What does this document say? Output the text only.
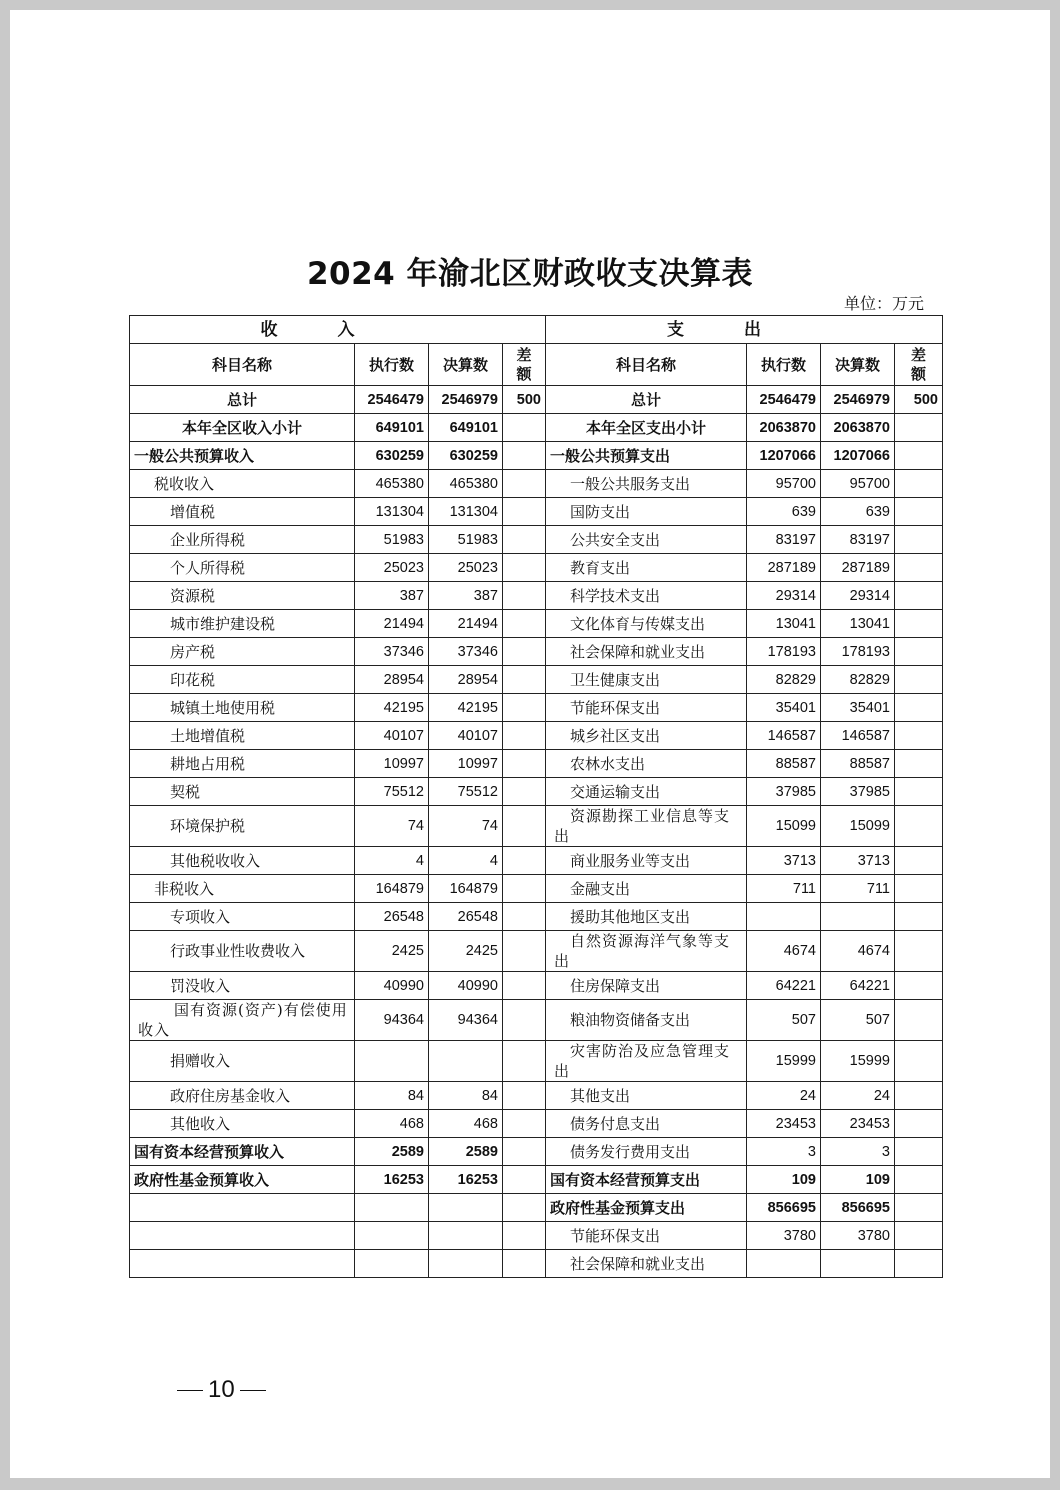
2024 年渝北区财政收支决算表
单位：万元
收入				支出			
科目名称	执行数	决算数	差额	科目名称	执行数	决算数	差额
总计	2546479	2546979	500	总计	2546479	2546979	500
本年全区收入小计	649101	649101		本年全区支出小计	2063870	2063870	
一般公共预算收入	630259	630259		一般公共预算支出	1207066	1207066	
税收收入	465380	465380		一般公共服务支出	95700	95700	
增值税	131304	131304		国防支出	639	639	
企业所得税	51983	51983		公共安全支出	83197	83197	
个人所得税	25023	25023		教育支出	287189	287189	
资源税	387	387		科学技术支出	29314	29314	
城市维护建设税	21494	21494		文化体育与传媒支出	13041	13041	
房产税	37346	37346		社会保障和就业支出	178193	178193	
印花税	28954	28954		卫生健康支出	82829	82829	
城镇土地使用税	42195	42195		节能环保支出	35401	35401	
土地增值税	40107	40107		城乡社区支出	146587	146587	
耕地占用税	10997	10997		农林水支出	88587	88587	
契税	75512	75512		交通运输支出	37985	37985	
环境保护税	74	74		资源勘探工业信息等支出	15099	15099	
其他税收收入	4	4		商业服务业等支出	3713	3713	
非税收入	164879	164879		金融支出	711	711	
专项收入	26548	26548		援助其他地区支出			
行政事业性收费收入	2425	2425		自然资源海洋气象等支出	4674	4674	
罚没收入	40990	40990		住房保障支出	64221	64221	
国有资源(资产)有偿使用收入	94364	94364		粮油物资储备支出	507	507	
捐赠收入				灾害防治及应急管理支出	15999	15999	
政府住房基金收入	84	84		其他支出	24	24	
其他收入	468	468		债务付息支出	23453	23453	
国有资本经营预算收入	2589	2589		债务发行费用支出	3	3	
政府性基金预算收入	16253	16253		国有资本经营预算支出	109	109	
				政府性基金预算支出	856695	856695	
				节能环保支出	3780	3780	
				社会保障和就业支出			
10
